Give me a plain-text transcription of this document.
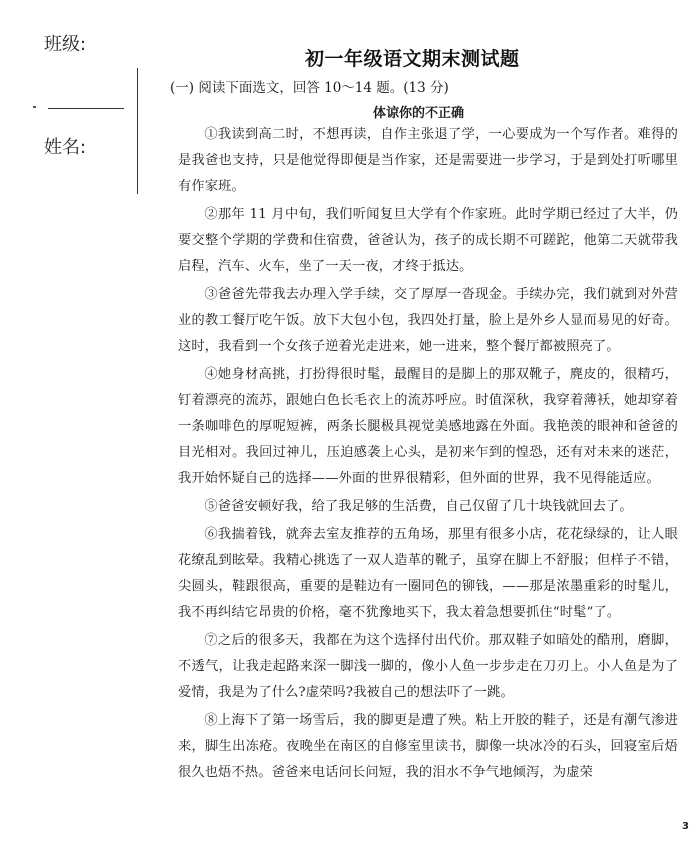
班级:
姓名:
初一年级语文期末测试题
(一) 阅读下面选文，回答 10～14 题。(13 分)
体谅你的不正确

①我读到高二时，不想再读，自作主张退了学，一心要成为一个写作者。难得的是我爸也支持，只是他觉得即便是当作家，还是需要进一步学习，于是到处打听哪里有作家班。

②那年 11 月中旬，我们听闻复旦大学有个作家班。此时学期已经过了大半，仍要交整个学期的学费和住宿费，爸爸认为，孩子的成长期不可蹉跎，他第二天就带我启程，汽车、火车，坐了一天一夜，才终于抵达。

③爸爸先带我去办理入学手续，交了厚厚一沓现金。手续办完，我们就到对外营业的教工餐厅吃午饭。放下大包小包，我四处打量，脸上是外乡人显而易见的好奇。这时，我看到一个女孩子逆着光走进来，她一进来，整个餐厅都被照亮了。

④她身材高挑，打扮得很时髦，最醒目的是脚上的那双靴子，麂皮的，很精巧，钉着漂亮的流苏，跟她白色长毛衣上的流苏呼应。时值深秋，我穿着薄袄，她却穿着一条咖啡色的厚呢短裤，两条长腿极具视觉美感地露在外面。我艳羡的眼神和爸爸的目光相对。我回过神儿，压迫感袭上心头，是初来乍到的惶恐，还有对未来的迷茫，我开始怀疑自己的选择——外面的世界很精彩，但外面的世界，我不见得能适应。

⑤爸爸安顿好我，给了我足够的生活费，自己仅留了几十块钱就回去了。

⑥我揣着钱，就奔去室友推荐的五角场，那里有很多小店，花花绿绿的，让人眼花缭乱到眩晕。我精心挑选了一双人造革的靴子，虽穿在脚上不舒服；但样子不错，尖圆头，鞋跟很高，重要的是鞋边有一圈同色的铆钱，——那是浓墨重彩的时髦儿，我不再纠结它昂贵的价格，毫不犹豫地买下，我太着急想要抓住“时髦”了。

⑦之后的很多天，我都在为这个选择付出代价。那双鞋子如暗处的酷刑，磨脚，不透气，让我走起路来深一脚浅一脚的，像小人鱼一步步走在刀刃上。小人鱼是为了爱情，我是为了什么?虚荣吗?我被自己的想法吓了一跳。

⑧上海下了第一场雪后，我的脚更是遭了殃。粘上开胶的鞋子，还是有潮气渗进来，脚生出冻疮。夜晚坐在南区的自修室里读书，脚像一块冰冷的石头，回寝室后焐很久也焐不热。爸爸来电话问长问短，我的泪水不争气地倾泻，为虚荣

3
